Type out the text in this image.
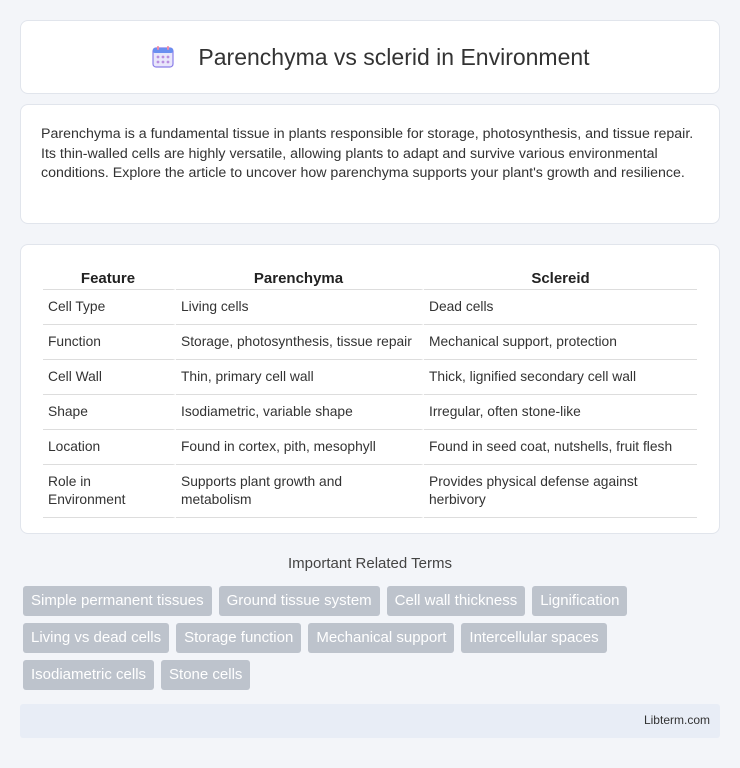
Parenchyma vs sclerid in Environment

Parenchyma is a fundamental tissue in plants responsible for storage, photosynthesis, and tissue repair. Its thin-walled cells are highly versatile, allowing plants to adapt and survive various environmental conditions. Explore the article to uncover how parenchyma supports your plant's growth and resilience.

Feature	Parenchyma	Sclereid
Cell Type	Living cells	Dead cells
Function	Storage, photosynthesis, tissue repair	Mechanical support, protection
Cell Wall	Thin, primary cell wall	Thick, lignified secondary cell wall
Shape	Isodiametric, variable shape	Irregular, often stone-like
Location	Found in cortex, pith, mesophyll	Found in seed coat, nutshells, fruit flesh
Role in Environment	Supports plant growth and metabolism	Provides physical defense against herbivory
Important Related Terms
Simple permanent tissues	Ground tissue system	Cell wall thickness	Lignification
Living vs dead cells	Storage function	Mechanical support	Intercellular spaces
Isodiametric cells	Stone cells
Libterm.com
